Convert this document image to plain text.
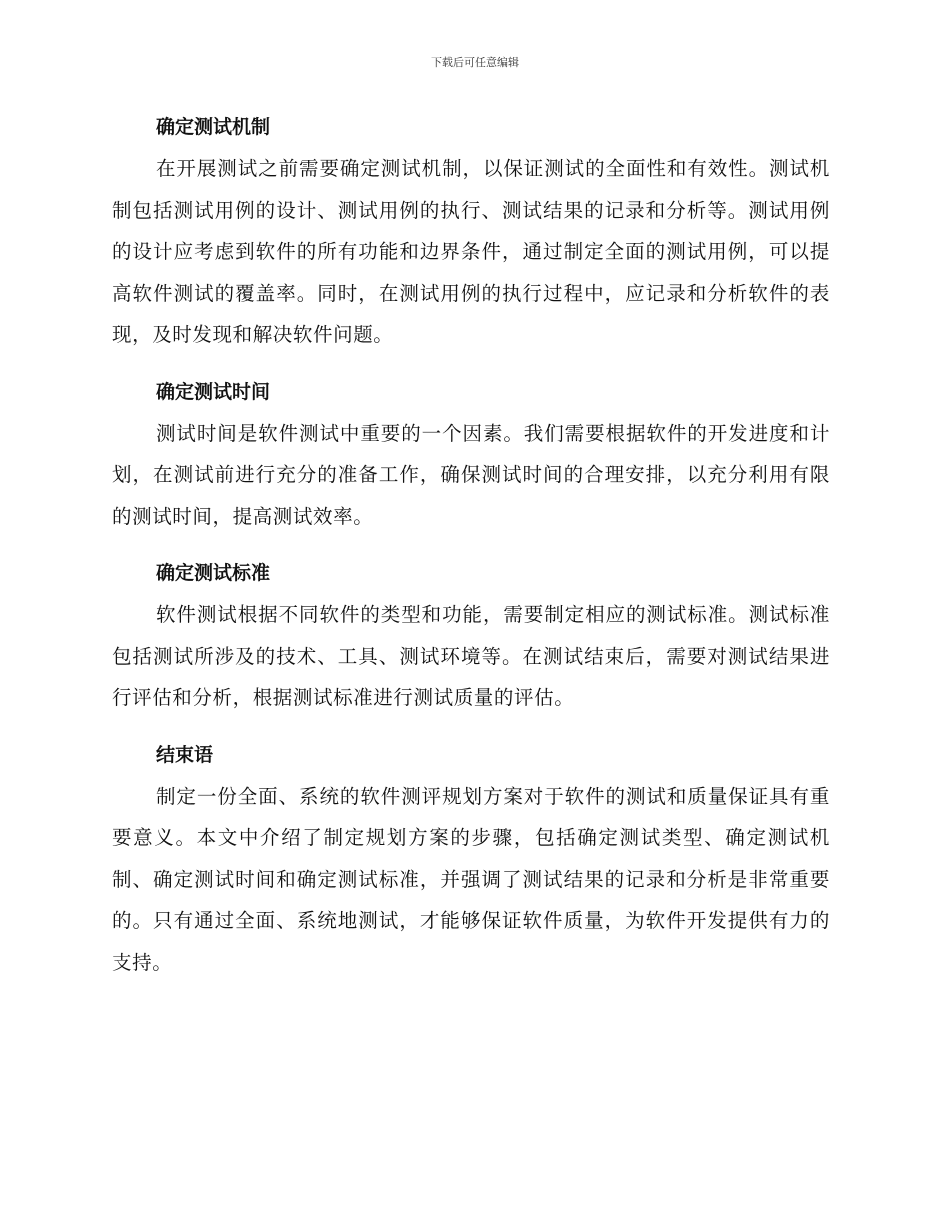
下载后可任意编辑
确定测试机制

在开展测试之前需要确定测试机制，以保证测试的全面性和有效性。测试机制包括测试用例的设计、测试用例的执行、测试结果的记录和分析等。测试用例的设计应考虑到软件的所有功能和边界条件，通过制定全面的测试用例，可以提高软件测试的覆盖率。同时，在测试用例的执行过程中，应记录和分析软件的表现，及时发现和解决软件问题。

确定测试时间

测试时间是软件测试中重要的一个因素。我们需要根据软件的开发进度和计划，在测试前进行充分的准备工作，确保测试时间的合理安排，以充分利用有限的测试时间，提高测试效率。

确定测试标准

软件测试根据不同软件的类型和功能，需要制定相应的测试标准。测试标准包括测试所涉及的技术、工具、测试环境等。在测试结束后，需要对测试结果进行评估和分析，根据测试标准进行测试质量的评估。

结束语

制定一份全面、系统的软件测评规划方案对于软件的测试和质量保证具有重要意义。本文中介绍了制定规划方案的步骤，包括确定测试类型、确定测试机制、确定测试时间和确定测试标准，并强调了测试结果的记录和分析是非常重要的。只有通过全面、系统地测试，才能够保证软件质量，为软件开发提供有力的支持。
